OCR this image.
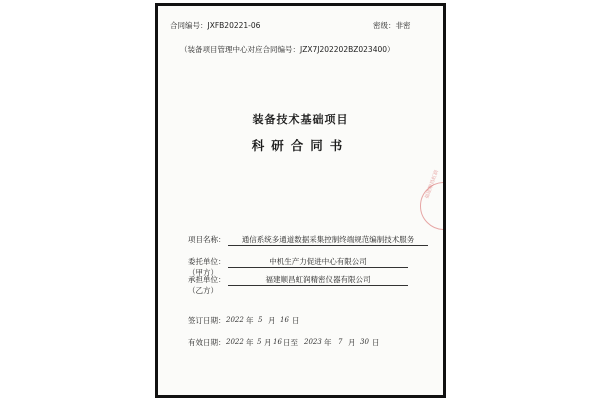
合同编号：JXFB20221-06	密级：非密
（装备项目管理中心对应合同编号：JZX7J202202BZ023400）
装备技术基础项目
科研合同书
项目名称：	通信系统多通道数据采集控制终端规范编制技术服务
委托单位：	中机生产力促进中心有限公司
（甲方）
承担单位：	福建顺昌虹润精密仪器有限公司
（乙方）
签订日期： 2022 年 5 月 16 日
有效日期： 2022 年 5 月 16 日至 2023 年 7 月 30 日
福建顺昌虹润
